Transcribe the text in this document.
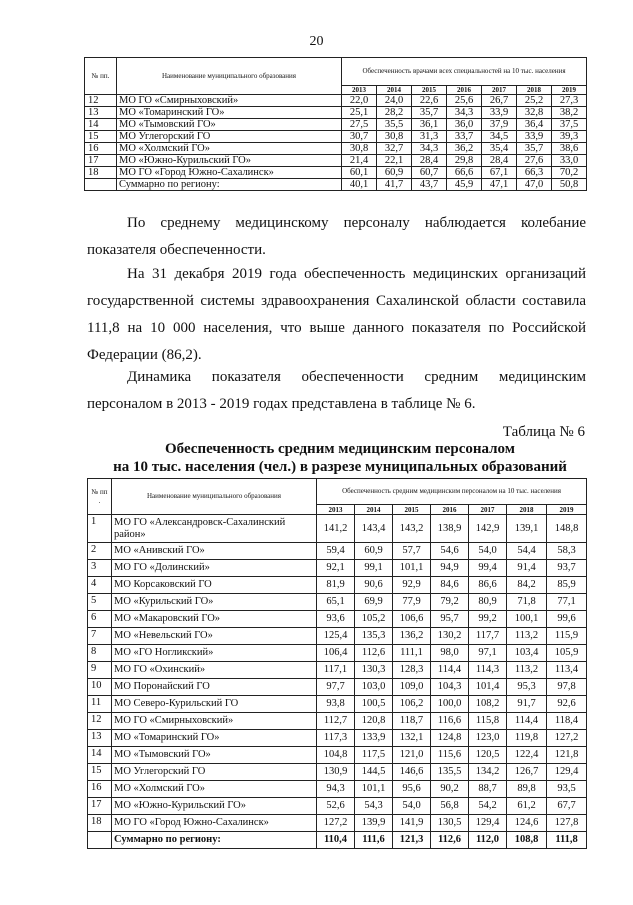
20
№ пп.	Наименование муниципального образования	Обеспеченность врачами всех специальностей на 10 тыс. населения						
		2013	2014	2015	2016	2017	2018	2019
12	МО ГО «Смирныховский»	22,0	24,0	22,6	25,6	26,7	25,2	27,3
13	МО «Томаринский ГО»	25,1	28,2	35,7	34,3	33,9	32,8	38,2
14	МО «Тымовский ГО»	27,5	35,5	36,1	36,0	37,9	36,4	37,5
15	МО Углегорский ГО	30,7	30,8	31,3	33,7	34,5	33,9	39,3
16	МО «Холмский ГО»	30,8	32,7	34,3	36,2	35,4	35,7	38,6
17	МО «Южно-Курильский ГО»	21,4	22,1	28,4	29,8	28,4	27,6	33,0
18	МО ГО «Город Южно-Сахалинск»	60,1	60,9	60,7	66,6	67,1	66,3	70,2
	Суммарно по региону:	40,1	41,7	43,7	45,9	47,1	47,0	50,8

По среднему медицинскому персоналу наблюдается колебание показателя обеспеченности.

На 31 декабря 2019 года обеспеченность медицинских организаций государственной системы здравоохранения Сахалинской области составила 111,8 на 10 000 населения, что выше данного показателя по Российской Федерации (86,2).

Динамика показателя обеспеченности средним медицинским персоналом в 2013 - 2019 годах представлена в таблице № 6.

Таблица № 6
Обеспеченность средним медицинским персоналом
на 10 тыс. населения (чел.) в разрезе муниципальных образований
№ пп .	Наименование муниципального образования	Обеспеченность средним медицинским персоналом на 10 тыс. населения						
		2013	2014	2015	2016	2017	2018	2019
1	МО ГО «Александровск-Сахалинский район»	141,2	143,4	143,2	138,9	142,9	139,1	148,8
2	МО «Анивский ГО»	59,4	60,9	57,7	54,6	54,0	54,4	58,3
3	МО ГО «Долинский»	92,1	99,1	101,1	94,9	99,4	91,4	93,7
4	МО Корсаковский ГО	81,9	90,6	92,9	84,6	86,6	84,2	85,9
5	МО «Курильский ГО»	65,1	69,9	77,9	79,2	80,9	71,8	77,1
6	МО «Макаровский ГО»	93,6	105,2	106,6	95,7	99,2	100,1	99,6
7	МО «Невельский ГО»	125,4	135,3	136,2	130,2	117,7	113,2	115,9
8	МО «ГО Ногликский»	106,4	112,6	111,1	98,0	97,1	103,4	105,9
9	МО ГО «Охинский»	117,1	130,3	128,3	114,4	114,3	113,2	113,4
10	МО Поронайский ГО	97,7	103,0	109,0	104,3	101,4	95,3	97,8
11	МО Северо-Курильский ГО	93,8	100,5	106,2	100,0	108,2	91,7	92,6
12	МО ГО «Смирныховский»	112,7	120,8	118,7	116,6	115,8	114,4	118,4
13	МО «Томаринский ГО»	117,3	133,9	132,1	124,8	123,0	119,8	127,2
14	МО «Тымовский ГО»	104,8	117,5	121,0	115,6	120,5	122,4	121,8
15	МО Углегорский ГО	130,9	144,5	146,6	135,5	134,2	126,7	129,4
16	МО «Холмский ГО»	94,3	101,1	95,6	90,2	88,7	89,8	93,5
17	МО «Южно-Курильский ГО»	52,6	54,3	54,0	56,8	54,2	61,2	67,7
18	МО ГО «Город Южно-Сахалинск»	127,2	139,9	141,9	130,5	129,4	124,6	127,8
	Суммарно по региону:	110,4	111,6	121,3	112,6	112,0	108,8	111,8
